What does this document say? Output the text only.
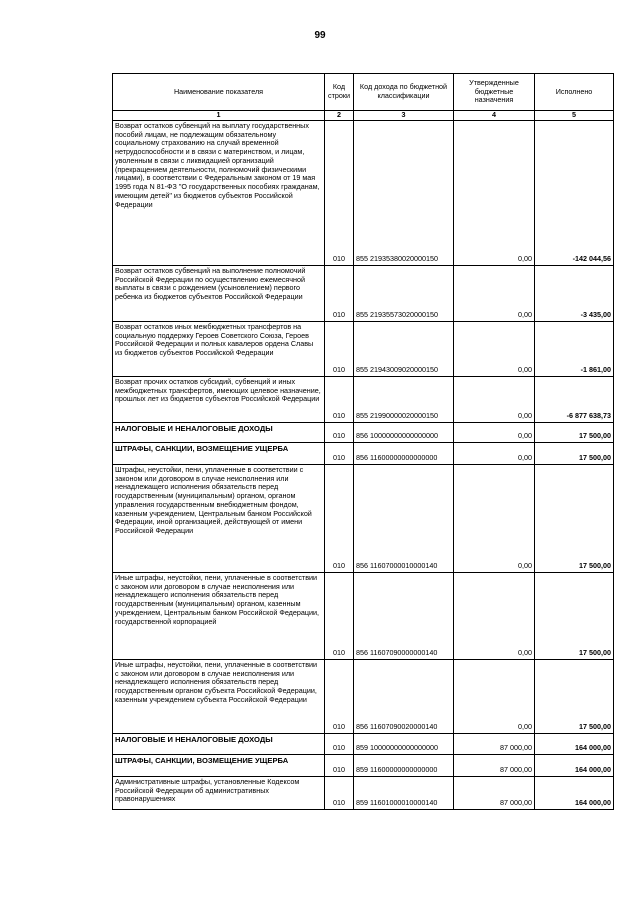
99
Наименование показателя	Код строки	Код дохода по бюджетной классификации	Утвержденные бюджетные назначения	Исполнено
1	2	3	4	5
Возврат остатков субвенций на выплату государственных пособий лицам, не подлежащим обязательному социальному страхованию на случай временной нетрудоспособности и в связи с материнством, и лицам, уволенным в связи с ликвидацией организаций (прекращением деятельности, полномочий физическими лицами), в соответствии с Федеральным законом от 19 мая 1995 года N 81-ФЗ "О государственных пособиях гражданам, имеющим детей" из бюджетов субъектов Российской Федерации	010	855 21935380020000150	0,00	-142 044,56
Возврат остатков субвенций на выполнение полномочий Российской Федерации по осуществлению ежемесячной выплаты в связи с рождением (усыновлением) первого ребенка из бюджетов субъектов Российской Федерации	010	855 21935573020000150	0,00	-3 435,00
Возврат остатков иных межбюджетных трансфертов на социальную поддержку Героев Советского Союза, Героев Российской Федерации и полных кавалеров ордена Славы из бюджетов субъектов Российской Федерации	010	855 21943009020000150	0,00	-1 861,00
Возврат прочих остатков субсидий, субвенций и иных межбюджетных трансфертов, имеющих целевое назначение, прошлых лет из бюджетов субъектов Российской Федерации	010	855 21990000020000150	0,00	-6 877 638,73
НАЛОГОВЫЕ И НЕНАЛОГОВЫЕ ДОХОДЫ	010	856 10000000000000000	0,00	17 500,00
ШТРАФЫ, САНКЦИИ, ВОЗМЕЩЕНИЕ УЩЕРБА	010	856 11600000000000000	0,00	17 500,00
Штрафы, неустойки, пени, уплаченные в соответствии с законом или договором в случае неисполнения или ненадлежащего исполнения обязательств перед государственным (муниципальным) органом, органом управления государственным внебюджетным фондом, казенным учреждением, Центральным банком Российской Федерации, иной организацией, действующей от имени Российской Федерации	010	856 11607000010000140	0,00	17 500,00
Иные штрафы, неустойки, пени, уплаченные в соответствии с законом или договором в случае неисполнения или ненадлежащего исполнения обязательств перед государственным (муниципальным) органом, казенным учреждением, Центральным банком Российской Федерации, государственной корпорацией	010	856 11607090000000140	0,00	17 500,00
Иные штрафы, неустойки, пени, уплаченные в соответствии с законом или договором в случае неисполнения или ненадлежащего исполнения обязательств перед государственным органом субъекта Российской Федерации, казенным учреждением субъекта Российской Федерации	010	856 11607090020000140	0,00	17 500,00
НАЛОГОВЫЕ И НЕНАЛОГОВЫЕ ДОХОДЫ	010	859 10000000000000000	87 000,00	164 000,00
ШТРАФЫ, САНКЦИИ, ВОЗМЕЩЕНИЕ УЩЕРБА	010	859 11600000000000000	87 000,00	164 000,00
Административные штрафы, установленные Кодексом Российской Федерации об административных правонарушениях	010	859 11601000010000140	87 000,00	164 000,00
